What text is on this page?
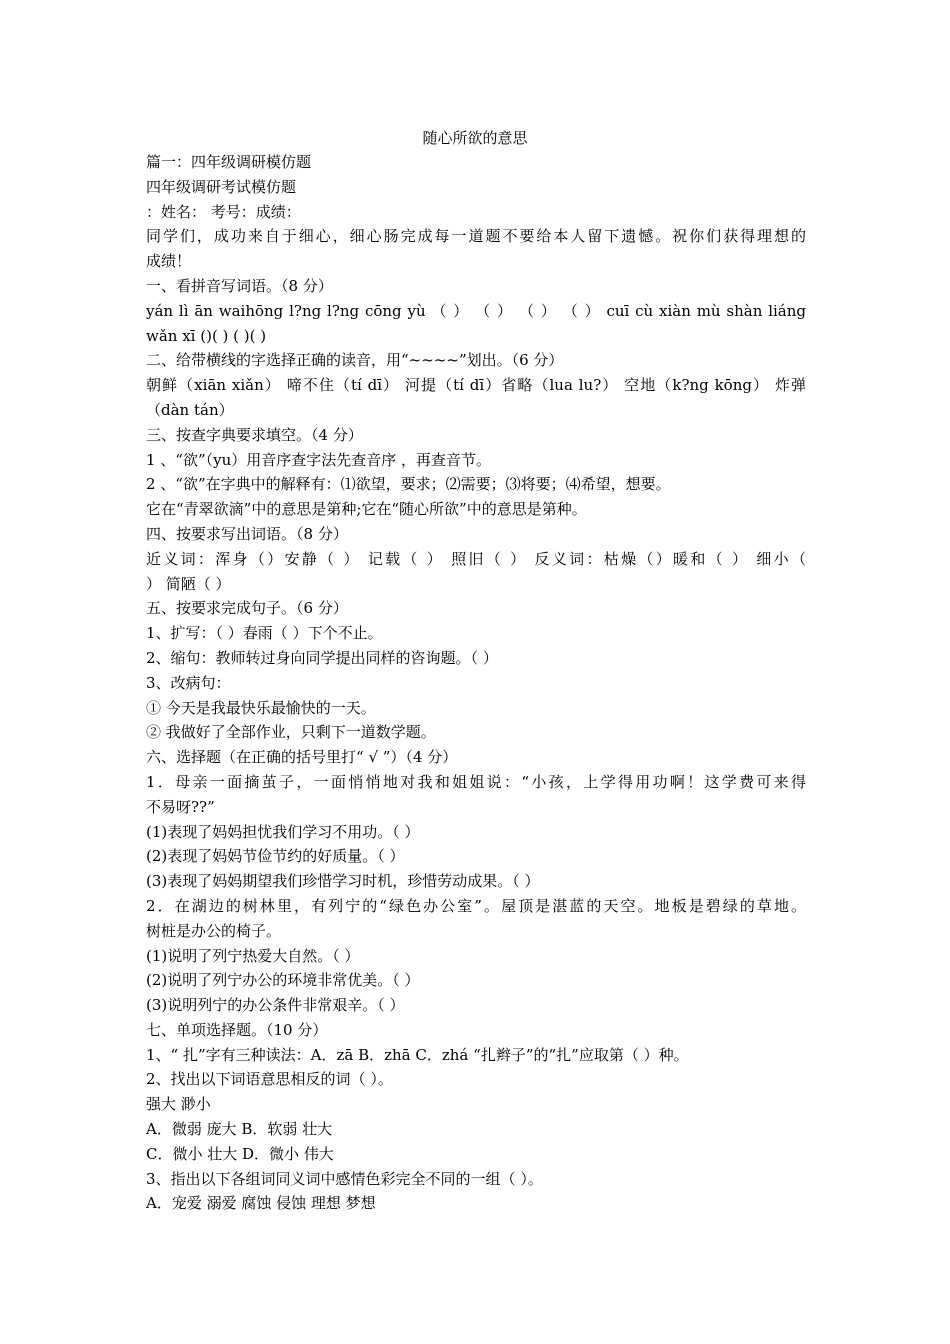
随心所欲的意思
篇一：四年级调研模仿题
四年级调研考试模仿题
：姓名： 考号：成绩：
同学们，成功来自于细心，细心肠完成每一道题不要给本人留下遗憾。祝你们获得理想的
成绩！
一、看拼音写词语。（8 分）
yán lì ān waihōng l?ng l?ng cōng yù （ ） （ ） （ ） （ ） cuī cù xiàn mù shàn liáng
wǎn xī ()( ) ( )( )
二、给带横线的字选择正确的读音，用“~~~~”划出。（6 分）
朝鲜（xiān xiǎn） 啼不住（tí dī） 河提（tí dī）省略（lua lu?） 空地（k?ng kōng） 炸弹
（dàn tán）
三、按查字典要求填空。（4 分）
1 、“欲”（yu）用音序查字法先查音序 ，再查音节。
2 、“欲”在字典中的解释有：⑴欲望，要求；⑵需要；⑶将要；⑷希望，想要。
它在“青翠欲滴”中的意思是第种;它在“随心所欲”中的意思是第种。
四、按要求写出词语。（8 分）
近义词：浑身（）安静（ ） 记载（ ） 照旧（ ） 反义词：枯燥（）暖和（ ） 细小（
） 简陋（ ）
五、按要求完成句子。（6 分）
1、扩写：（ ）春雨（ ）下个不止。
2、缩句：教师转过身向同学提出同样的咨询题。（ ）
3、改病句：
① 今天是我最快乐最愉快的一天。
② 我做好了全部作业，只剩下一道数学题。
六、选择题（在正确的括号里打“ √ ”）（4 分）
1．母亲一面摘茧子，一面悄悄地对我和姐姐说：“小孩，上学得用功啊！这学费可来得
不易呀??”
(1)表现了妈妈担忧我们学习不用功。（ ）
(2)表现了妈妈节俭节约的好质量。（ ）
(3)表现了妈妈期望我们珍惜学习时机，珍惜劳动成果。（ ）
2．在湖边的树林里，有列宁的“绿色办公室”。屋顶是湛蓝的天空。地板是碧绿的草地。
树桩是办公的椅子。
(1)说明了列宁热爱大自然。（ ）
(2)说明了列宁办公的环境非常优美。（ ）
(3)说明列宁的办公条件非常艰辛。（ ）
七、单项选择题。（10 分）
1、“ 扎”字有三种读法：A．zā B．zhā C．zhá “扎辫子”的“扎”应取第（ ）种。
2、找出以下词语意思相反的词（ ）。
强大 渺小
A．微弱 庞大 B．软弱 壮大
C．微小 壮大 D．微小 伟大
3、指出以下各组词同义词中感情色彩完全不同的一组（ ）。
A．宠爱 溺爱 腐蚀 侵蚀 理想 梦想
